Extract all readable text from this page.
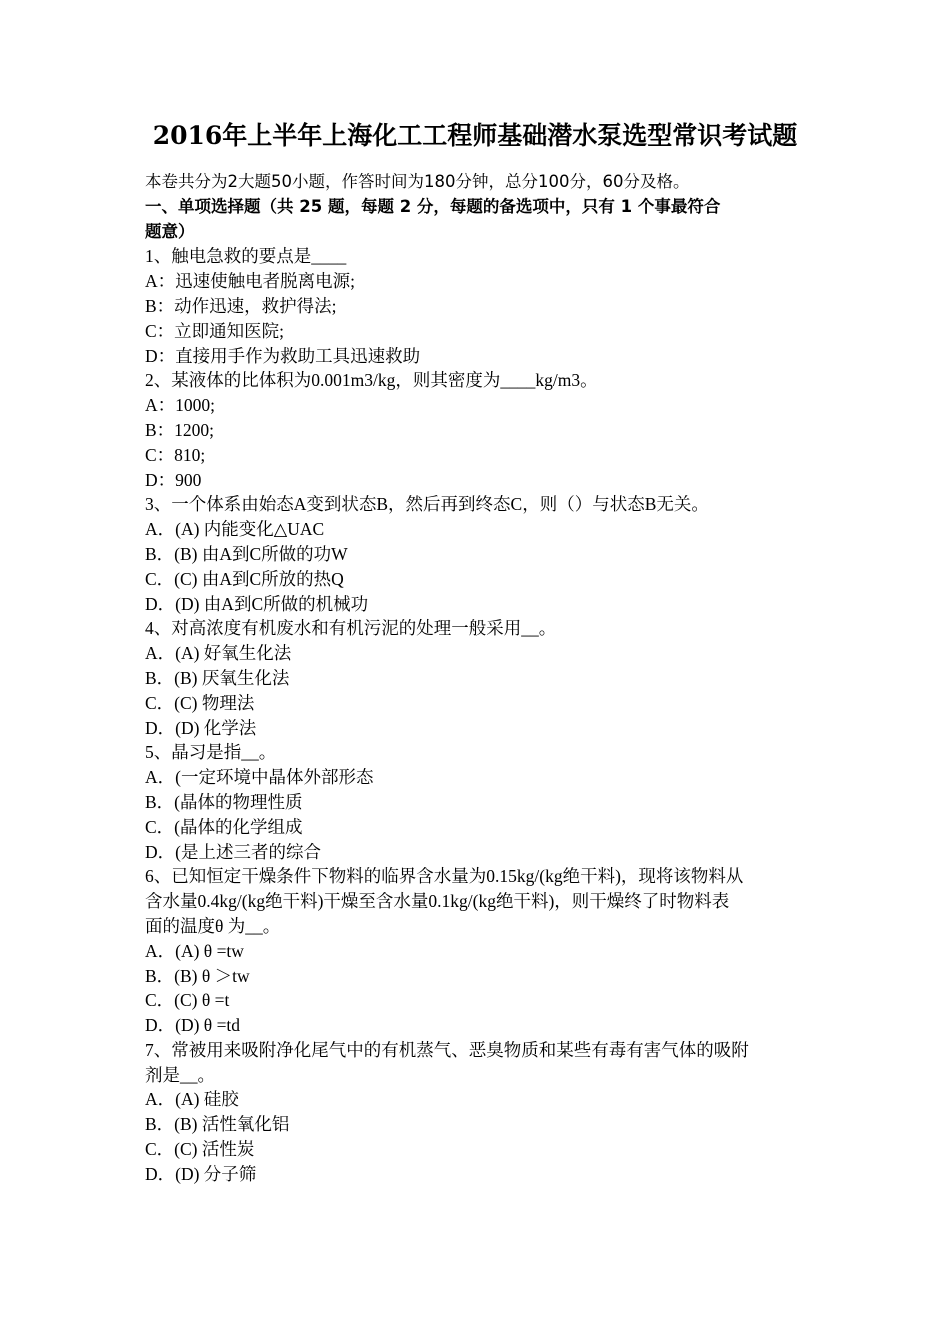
2016年上半年上海化工工程师基础潜水泵选型常识考试题
本卷共分为2大题50小题，作答时间为180分钟，总分100分，60分及格。
一、单项选择题（共 25 题，每题 2 分，每题的备选项中，只有 1 个事最符合
题意）
1、触电急救的要点是____
A：迅速使触电者脱离电源;
B：动作迅速，救护得法;
C：立即通知医院;
D：直接用手作为救助工具迅速救助
2、某液体的比体积为0.001m3/kg，则其密度为____kg/m3。
A：1000;
B：1200;
C：810;
D：900
3、一个体系由始态A变到状态B，然后再到终态C，则（）与状态B无关。
A．(A) 内能变化△UAC
B．(B) 由A到C所做的功W
C．(C) 由A到C所放的热Q
D．(D) 由A到C所做的机械功
4、对高浓度有机废水和有机污泥的处理一般采用__。
A．(A) 好氧生化法
B．(B) 厌氧生化法
C．(C) 物理法
D．(D) 化学法
5、晶习是指__。
A．(一定环境中晶体外部形态
B．(晶体的物理性质
C．(晶体的化学组成
D．(是上述三者的综合
6、已知恒定干燥条件下物料的临界含水量为0.15kg/(kg绝干料)，现将该物料从
含水量0.4kg/(kg绝干料)干燥至含水量0.1kg/(kg绝干料)，则干燥终了时物料表
面的温度θ 为__。
A．(A) θ =tw
B．(B) θ ＞tw
C．(C) θ =t
D．(D) θ =td
7、常被用来吸附净化尾气中的有机蒸气、恶臭物质和某些有毒有害气体的吸附
剂是__。
A．(A) 硅胶
B．(B) 活性氧化铝
C．(C) 活性炭
D．(D) 分子筛
